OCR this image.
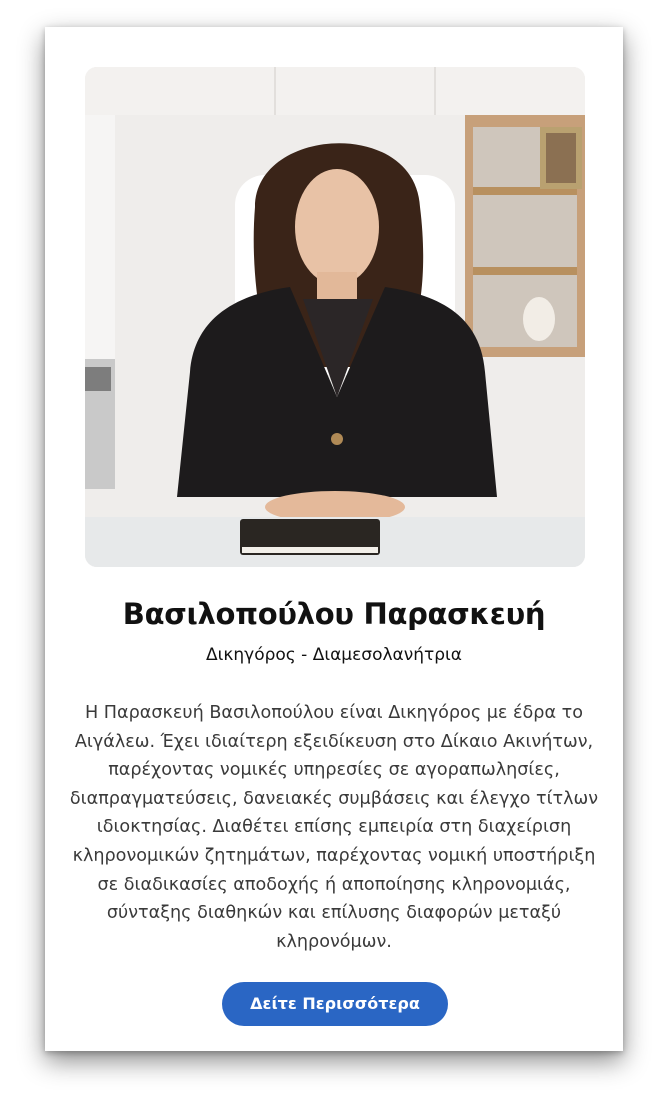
Βασιλοπούλου Παρασκευή
Δικηγόρος - Διαμεσολανήτρια
Η Παρασκευή Βασιλοπούλου είναι Δικηγόρος με έδρα το Αιγάλεω. Έχει ιδιαίτερη εξειδίκευση στο Δίκαιο Ακινήτων, παρέχοντας νομικές υπηρεσίες σε αγοραπωλησίες, διαπραγματεύσεις, δανειακές συμβάσεις και έλεγχο τίτλων ιδιοκτησίας. Διαθέτει επίσης εμπειρία στη διαχείριση κληρονομικών ζητημάτων, παρέχοντας νομική υποστήριξη σε διαδικασίες αποδοχής ή αποποίησης κληρονομιάς, σύνταξης διαθηκών και επίλυσης διαφορών μεταξύ κληρονόμων.
Δείτε Περισσότερα
